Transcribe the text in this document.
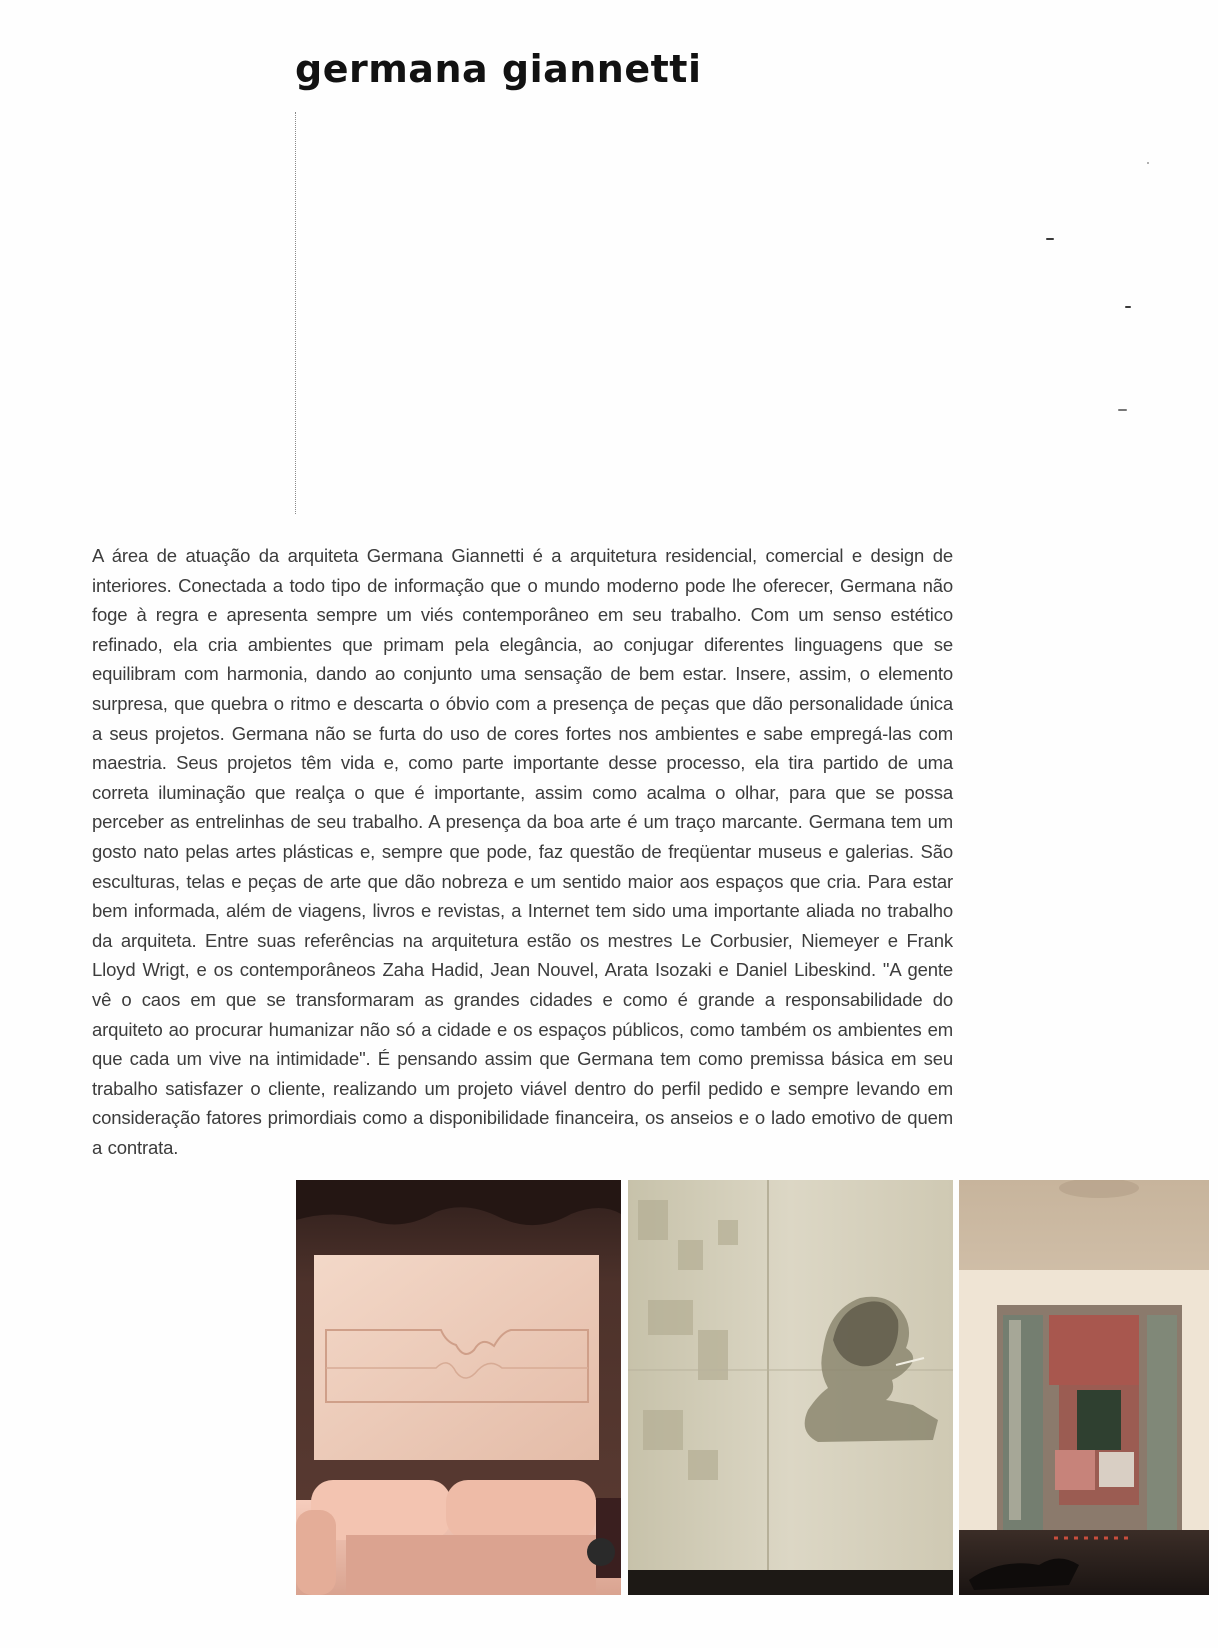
germana giannetti

A área de atuação da arquiteta Germana Giannetti é a arquitetura residencial, comercial e design de interiores. Conectada a todo tipo de informação que o mundo moderno pode lhe oferecer, Germana não foge à regra e apresenta sempre um viés contemporâneo em seu trabalho. Com um senso estético refinado, ela cria ambientes que primam pela elegância, ao conjugar diferentes linguagens que se equilibram com harmonia, dando ao conjunto uma sensação de bem estar. Insere, assim, o elemento surpresa, que quebra o ritmo e descarta o óbvio com a presença de peças que dão personalidade única a seus projetos. Germana não se furta do uso de cores fortes nos ambientes e sabe empregá-las com maestria. Seus projetos têm vida e, como parte importante desse processo, ela tira partido de uma correta iluminação que realça o que é importante, assim como acalma o olhar, para que se possa perceber as entrelinhas de seu trabalho. A presença da boa arte é um traço marcante. Germana tem um gosto nato pelas artes plásticas e, sempre que pode, faz questão de freqüentar museus e galerias. São esculturas, telas e peças de arte que dão nobreza e um sentido maior aos espaços que cria. Para estar bem informada, além de viagens, livros e revistas, a Internet tem sido uma importante aliada no trabalho da arquiteta. Entre suas referências na arquitetura estão os mestres Le Corbusier, Niemeyer e Frank Lloyd Wrigt, e os contemporâneos Zaha Hadid, Jean Nouvel, Arata Isozaki e Daniel Libeskind. "A gente vê o caos em que se transformaram as grandes cidades e como é grande a responsabilidade do arquiteto ao procurar humanizar não só a cidade e os espaços públicos, como também os ambientes em que cada um vive na intimidade". É pensando assim que Germana tem como premissa básica em seu trabalho satisfazer o cliente, realizando um projeto viável dentro do perfil pedido e sempre levando em consideração fatores primordiais como a disponibilidade financeira, os anseios e o lado emotivo de quem a contrata.
